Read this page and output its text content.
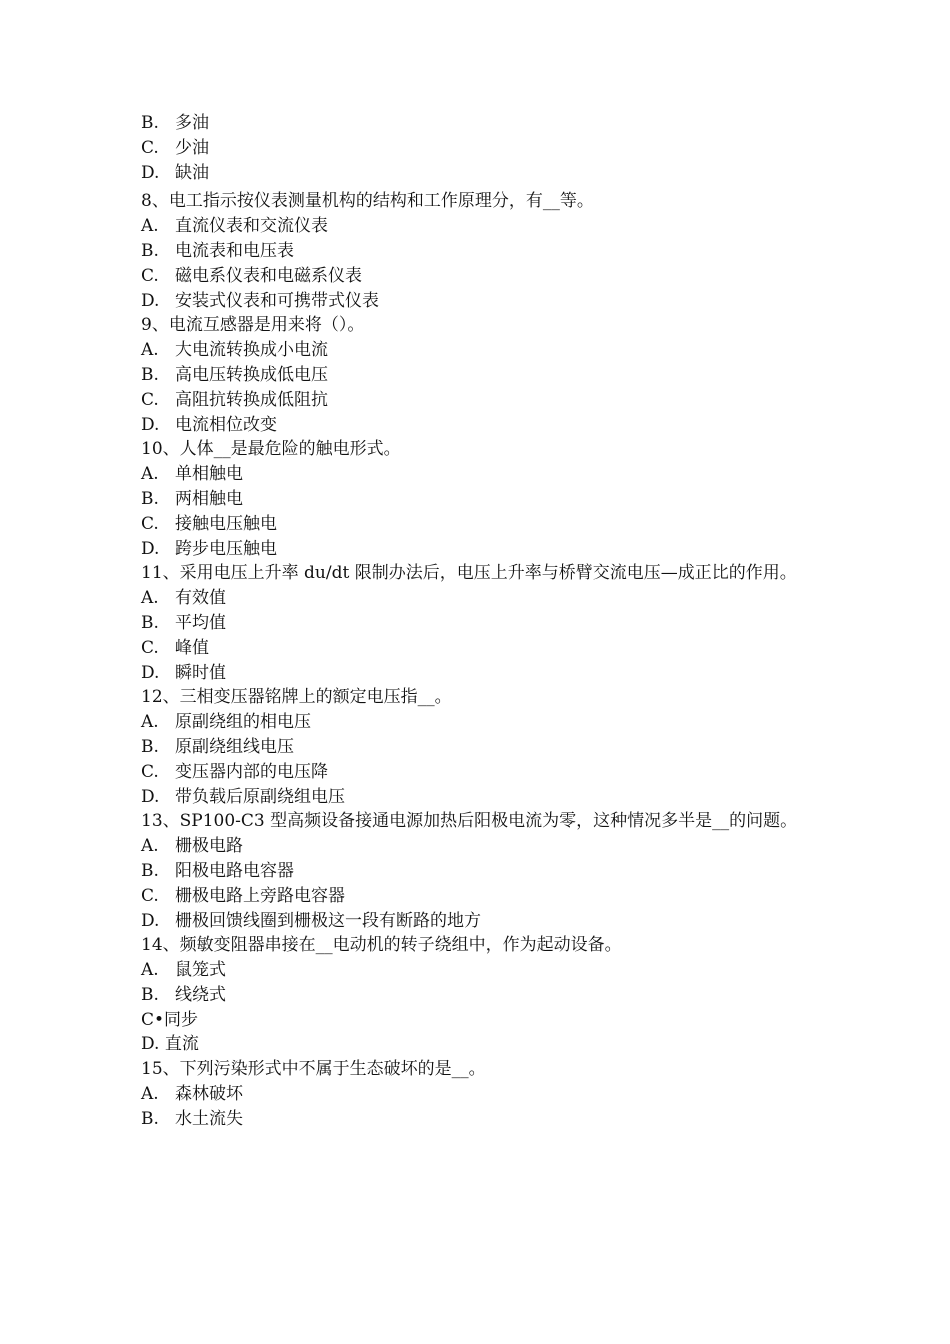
B. 多油
C. 少油
D. 缺油
8、 电工指示按仪表测量机构的结构和工作原理分，有__等。
A. 直流仪表和交流仪表
B. 电流表和电压表
C. 磁电系仪表和电磁系仪表
D. 安装式仪表和可携带式仪表
9、 电流互感器是用来将（）。
A. 大电流转换成小电流
B. 高电压转换成低电压
C. 高阻抗转换成低阻抗
D. 电流相位改变
10、 人体__是最危险的触电形式。
A. 单相触电
B. 两相触电
C. 接触电压触电
D. 跨步电压触电
11、 采用电压上升率 du/dt 限制办法后，电压上升率与桥臂交流电压—成正比的作用。
A. 有效值
B. 平均值
C. 峰值
D. 瞬时值
12、 三相变压器铭牌上的额定电压指__。
A. 原副绕组的相电压
B. 原副绕组线电压
C. 变压器内部的电压降
D. 带负载后原副绕组电压
13、 SP100-C3 型高频设备接通电源加热后阳极电流为零，这种情况多半是__的问题。
A. 栅极电路
B. 阳极电路电容器
C. 栅极电路上旁路电容器
D. 栅极回馈线圈到栅极这一段有断路的地方
14、 频敏变阻器串接在__电动机的转子绕组中，作为起动设备。
A. 鼠笼式
B. 线绕式
C• 同步
D. 直流
15、 下列污染形式中不属于生态破坏的是__。
A. 森林破坏
B. 水土流失
